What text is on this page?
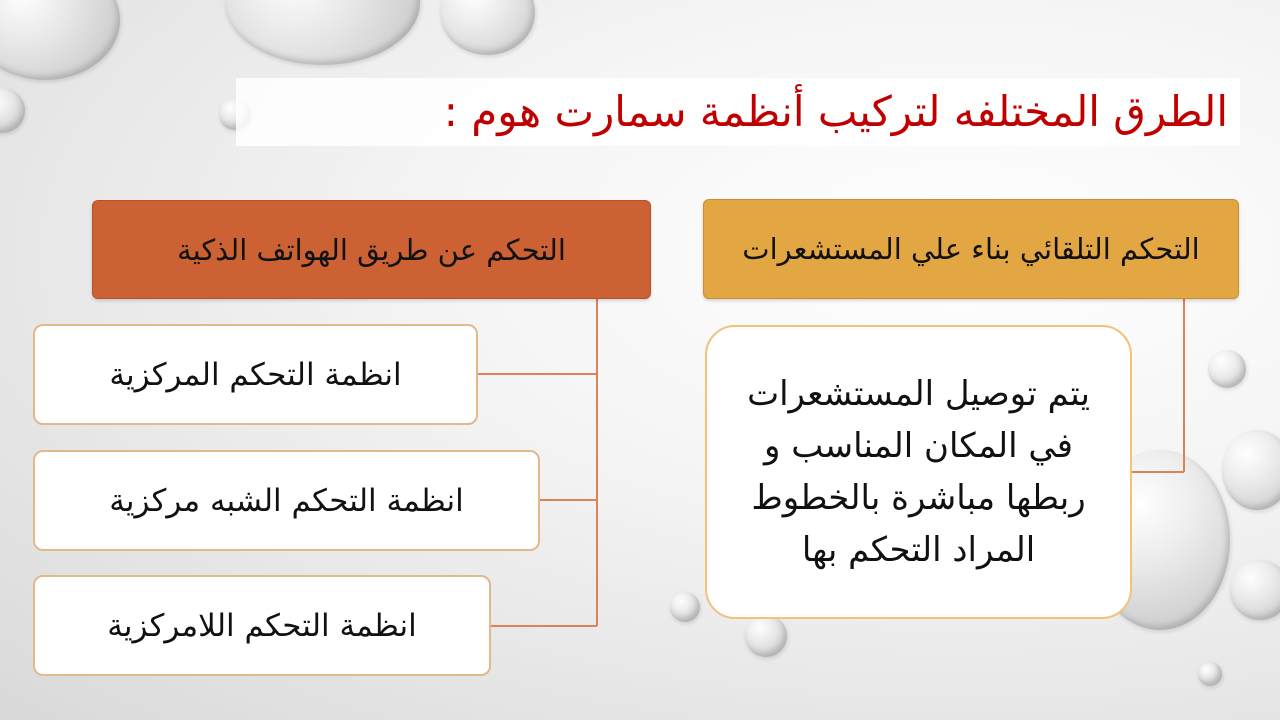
الطرق المختلفه لتركيب أنظمة سمارت هوم :
التحكم عن طريق الهواتف الذكية
انظمة التحكم المركزية
انظمة التحكم الشبه مركزية
انظمة التحكم اللامركزية
التحكم التلقائي بناء علي المستشعرات
يتم توصيل المستشعرات
في المكان المناسب و
ربطها مباشرة بالخطوط
المراد التحكم بها
